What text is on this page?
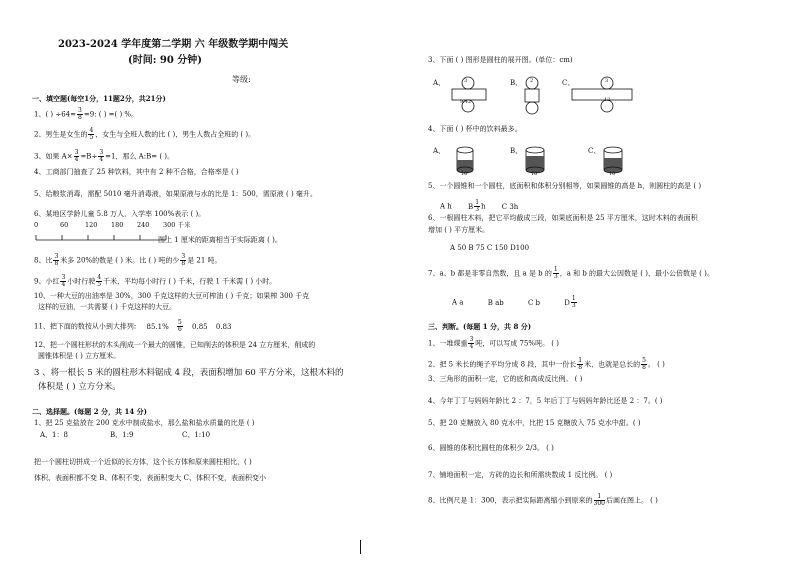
2023-2024 学年度第二学期 六 年级数学期中闯关
(时间: 90 分钟)
等级:
一、填空题(每空1分，11题2分，共21分)
1、( ) $\div 64= \frac{3}{8} =9$: ( ) =( ) %。
2、男生是女生的 $\frac{4}{5}$ ，女生与全班人数的比 ( )，男生人数占全班的 ( )。
3、如果 $A\times \frac{3}{4} =B\div \frac{3}{4} =1$，那么 A:B= ( )。
4、工商部门抽查了 25 种饮料，其中有 2 种不合格，合格率是 ( )
5、给粮浆消毒，需配 5010 毫升消毒液，如果原液与水的比是 1：500，需原液 ( ) 毫升。
6、某地区学龄儿童 5.8 万人，入学率 100%表示 ( )。
0	60	120 180 240 300 千米
图上 1 厘米的距离相当于实际距离 ( )。
8、比 $\frac{3}{8}$ 米多 20%的数是 ( ) 米。比 ( ) 吨的少 $\frac{3}{8}$ 是 21 吨。
9、小红 $\frac{3}{4}$ 小时行驶 $\frac{4}{5}$ 千米，平均每小时行 ( ) 千米，行驶 1 千米需 ( ) 小时。
10、一种大豆的出油率是 30%，300 千克这样的大豆可榨油 ( ) 千克；如果榨 300 千克
这样的豆油，一共需要 ( ) 千克这样的大豆。
11、把下面的数按从小到大排列: $85.1\% \frac{5}{6} 0.85$ 0.83
12、把一个圆柱形状的木头削成一个最大的圆锥，已知削去的体积是 24 立方厘米，削成的
圆锥体积是 ( ) 立方厘米。
3 、将一根长 5 米的圆柱形木料锯成 4 段，表面积增加 60 平方分米，这根木料的
体积是 ( ) 立方分米。
二、选择题。(每题 2 分，共 14 分)
1、把 25 克盐放在 200 克水中制成盐水，那么盐和盐水质量的比是 ( )
A、1：8	B、1:9	C、1:10
把一个圆柱切拼成一个近似的长方体，这个长方体和原来圆柱相比，( )
体积、表面积都不变 B、体积不变，表面积变大 C、体积不变，表面积变小
3、下面 ( ) 图形是圆柱的展开图。(单位：cm)
A、	3
9.42
B、 2	C、	3
12
4、下面 ( ) 杯中的饮料最多。
A、
10
B、
10
C、
10
5、一个圆锥和一个圆柱，底面积和体积分别相等，如果圆锥的高是 h，则圆柱的高是 ( )
A h B $\frac{1}{3}$ h C 3h
6、一根圆柱木料，把它平均截成三段，如果底面积是 25 平方厘米，这时木料的表面积
增加 ( ) 平方厘米。
A 50 B 75 C 150 D100
7、a、b 都是非零自然数，且 a 是 b 的 $\frac{1}{3}$ ，a 和 b 的最大公因数是 ( )，最小公倍数是 ( )。
A a	B ab	C b	D $\frac{1}{3}$
三、判断。(每题 1 分，共 8 分)
1、一堆煤重 $\frac{3}{4}$ 吨，可以写成 75%吨。 ( )
2、把 5 米长的绳子平均分成 8 段，其中一份长 $\frac{1}{8}$ 米，也就是总长的 $\frac{5}{8}$ 。 ( )
3、三角形的面积一定，它的底和高成反比例。 ( )
4、今年丁丁与妈妈年龄比 2 ：7，5 年后丁丁与妈妈年龄比还是 2 ：7。( )
5、把 20 克糖放入 80 克水中，比把 15 克糖放入 75 克水中甜。( )
6、圆锥的体积比圆柱的体积少 2/3。 ( )
7、铺地面积一定，方砖的边长和所需块数成 1 反比例。 ( )
8、比例尺是 1：300，表示把实际距离缩小到原来的 $\frac{1}{300}$ 后画在图上。 ( )
